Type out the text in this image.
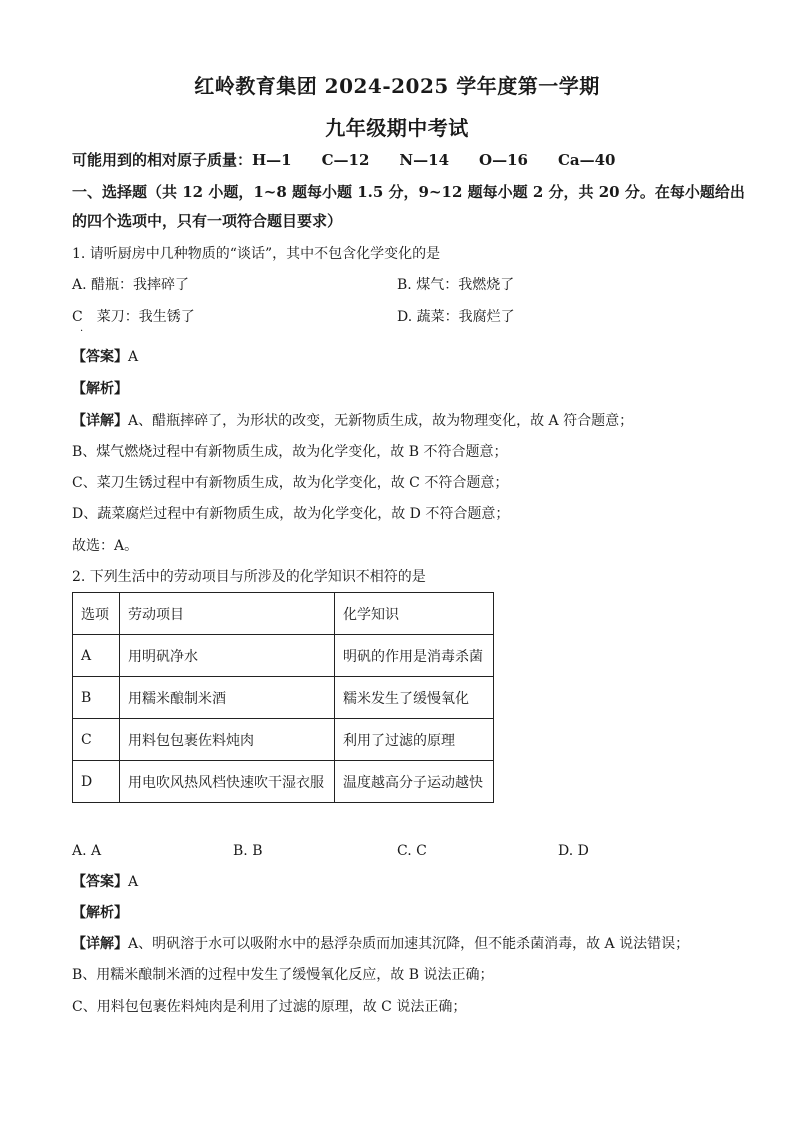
红岭教育集团 2024-2025 学年度第一学期
九年级期中考试
可能用到的相对原子质量：H—1　　C—12　　N—14　　O—16　　Ca—40
一、选择题（共 12 小题，1~8 题每小题 1.5 分，9~12 题每小题 2 分，共 20 分。在每小题给出
的四个选项中，只有一项符合题目要求）
1. 请听厨房中几种物质的“谈话”，其中不包含化学变化的是
A. 醋瓶：我摔碎了	B. 煤气：我燃烧了
C　菜刀：我生锈了	D. 蔬菜：我腐烂了
·
【答案】A
【解析】
【详解】A、醋瓶摔碎了，为形状的改变，无新物质生成，故为物理变化，故 A 符合题意；
B、煤气燃烧过程中有新物质生成，故为化学变化，故 B 不符合题意；
C、菜刀生锈过程中有新物质生成，故为化学变化，故 C 不符合题意；
D、蔬菜腐烂过程中有新物质生成，故为化学变化，故 D 不符合题意；
故选：A。
2. 下列生活中的劳动项目与所涉及的化学知识不相符的是
选项	劳动项目	化学知识
A	用明矾净水	明矾的作用是消毒杀菌
B	用糯米酿制米酒	糯米发生了缓慢氧化
C	用料包包裹佐料炖肉	利用了过滤的原理
D	用电吹风热风档快速吹干湿衣服	温度越高分子运动越快
A. A	B. B	C. C	D. D
【答案】A
【解析】
【详解】A、明矾溶于水可以吸附水中的悬浮杂质而加速其沉降，但不能杀菌消毒，故 A 说法错误；
B、用糯米酿制米酒的过程中发生了缓慢氧化反应，故 B 说法正确；
C、用料包包裹佐料炖肉是利用了过滤的原理，故 C 说法正确；
